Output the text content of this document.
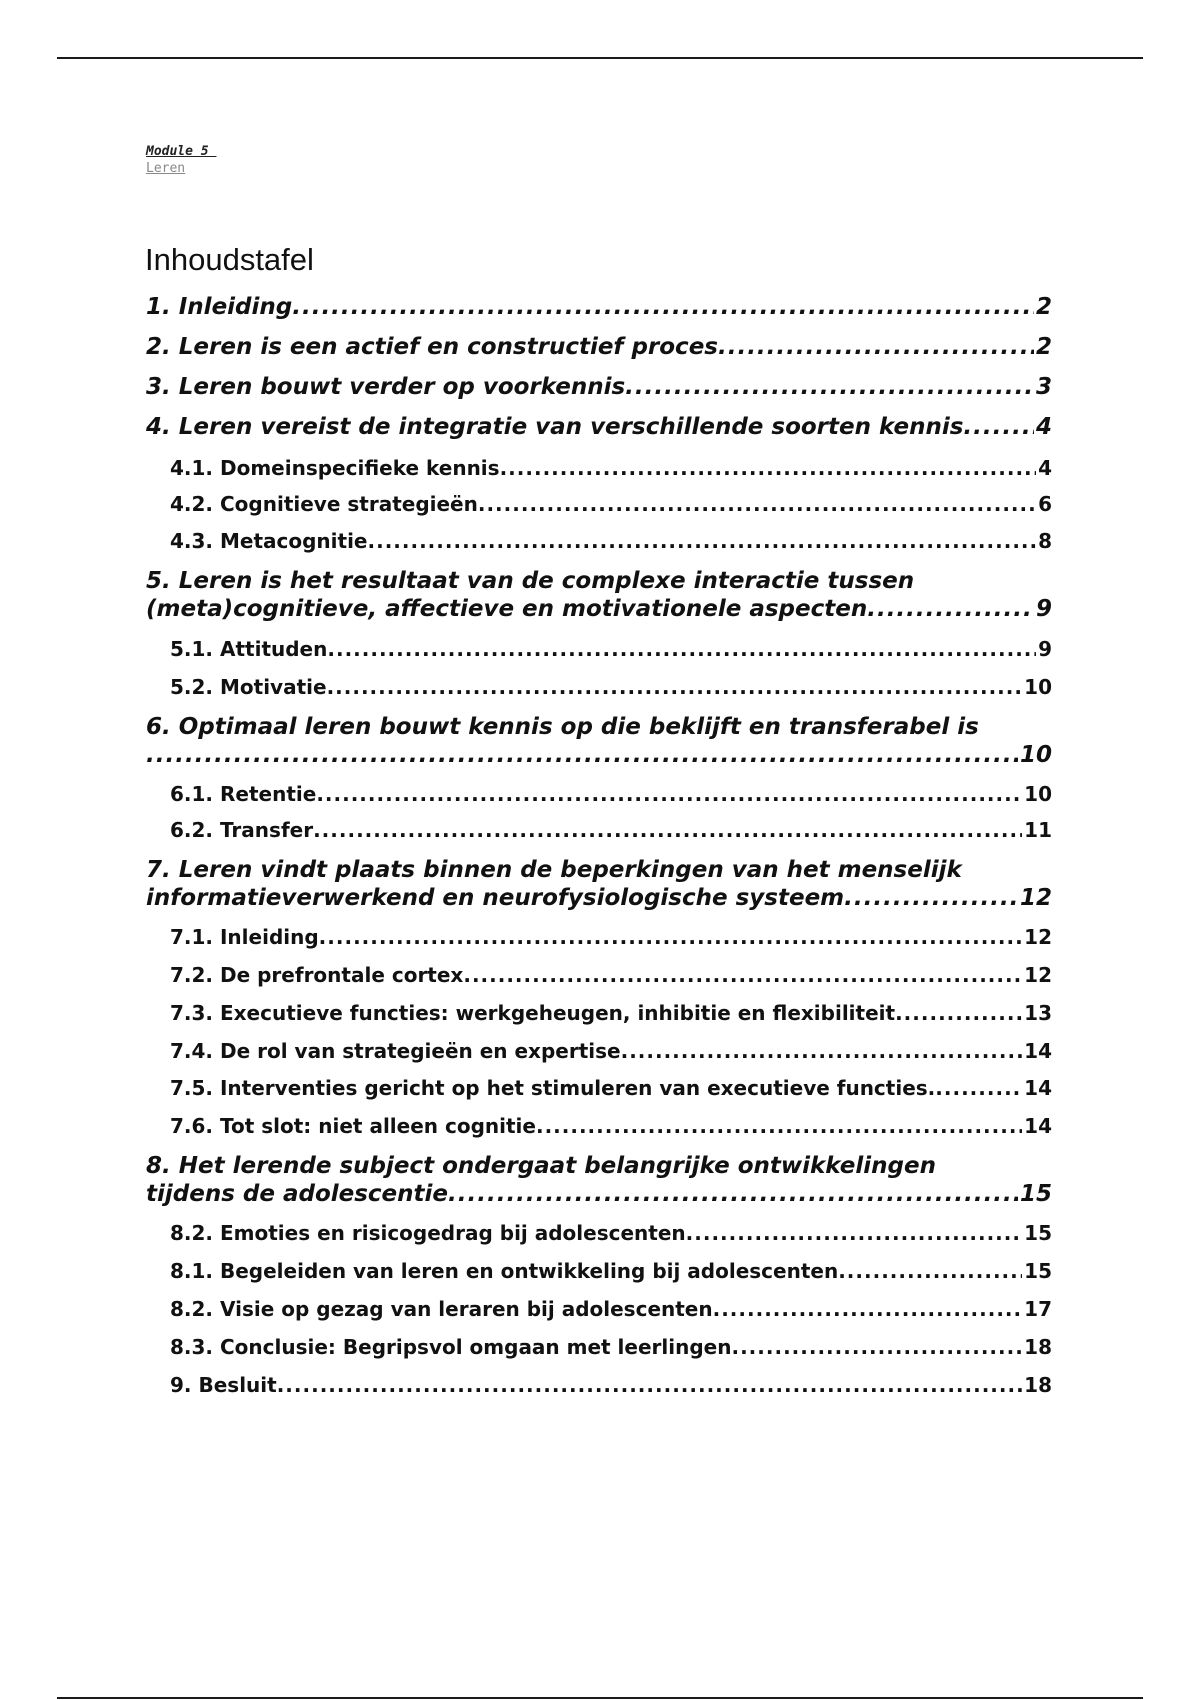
Module 5
Leren
Inhoudstafel
1. Inleiding .....	2
2. Leren is een actief en constructief proces .....	2
3. Leren bouwt verder op voorkennis .....	3
4. Leren vereist de integratie van verschillende soorten kennis .....	4
4.1. Domeinspecifieke kennis .....	4
4.2. Cognitieve strategieën .....	6
4.3. Metacognitie .....	8
5. Leren is het resultaat van de complexe interactie tussen
(meta)cognitieve, affectieve en motivationele aspecten .....	9
5.1. Attituden .....	9
5.2. Motivatie .....	10
6. Optimaal leren bouwt kennis op die beklijft en transferabel is
.....
10
6.1. Retentie .....	10
6.2. Transfer .....	11
7. Leren vindt plaats binnen de beperkingen van het menselijk
informatieverwerkend en neurofysiologische systeem .....	12
7.1. Inleiding .....	12
7.2. De prefrontale cortex .....	12
7.3. Executieve functies: werkgeheugen, inhibitie en flexibiliteit .....	13
7.4. De rol van strategieën en expertise .....	14
7.5. Interventies gericht op het stimuleren van executieve functies. .....	14
7.6. Tot slot: niet alleen cognitie .....	14
8. Het lerende subject ondergaat belangrijke ontwikkelingen
tijdens de adolescentie .....	15
8.2. Emoties en risicogedrag bij adolescenten .....	15
8.1. Begeleiden van leren en ontwikkeling bij adolescenten .....	15
8.2. Visie op gezag van leraren bij adolescenten .....	17
8.3. Conclusie: Begripsvol omgaan met leerlingen .....	18
9. Besluit .....	18
